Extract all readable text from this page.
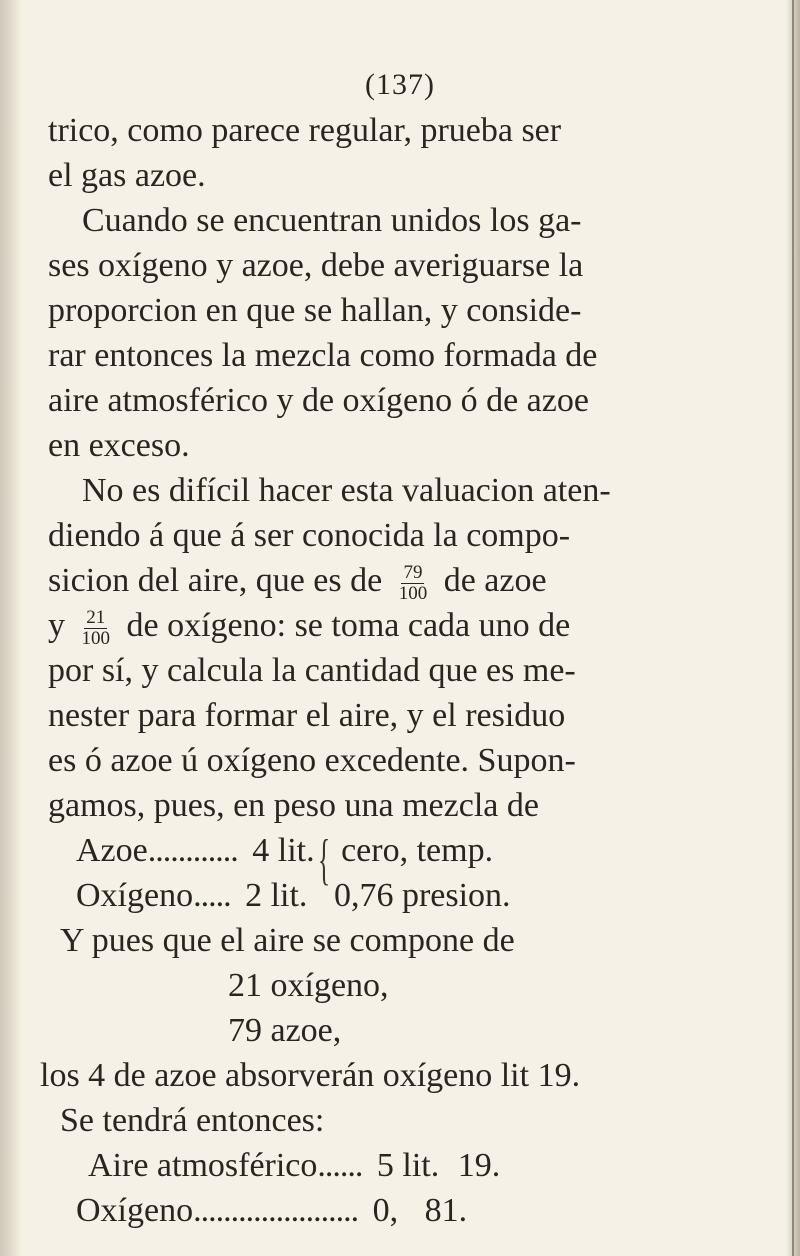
(137)
trico, como parece regular, prueba ser
el gas azoe.
Cuando se encuentran unidos los ga-
ses oxígeno y azoe, debe averiguarse la
proporcion en que se hallan, y conside-
rar entonces la mezcla como formada de
aire atmosférico y de oxígeno ó de azoe
en exceso.
No es difícil hacer esta valuacion aten-
diendo á que á ser conocida la compo-
sicion del aire, que es de $\frac{79}{100}$ de azoe
y $\frac{21}{100}$ de oxígeno: se toma cada uno de
por sí, y calcula la cantidad que es me-
nester para formar el aire, y el residuo
es ó azoe ú oxígeno excedente. Supon-
gamos, pues, en peso una mezcla de
Azoe............ 4 lit. cero, temp.
Oxígeno..... 2 lit. 0,76 presion.
{
Y pues que el aire se compone de
21 oxígeno,
79 azoe,
los 4 de azoe absorverán oxígeno lit 19.
Se tendrá entonces:
Aire atmosférico...... 5 lit. 19.
Oxígeno...................... 0, 81.
